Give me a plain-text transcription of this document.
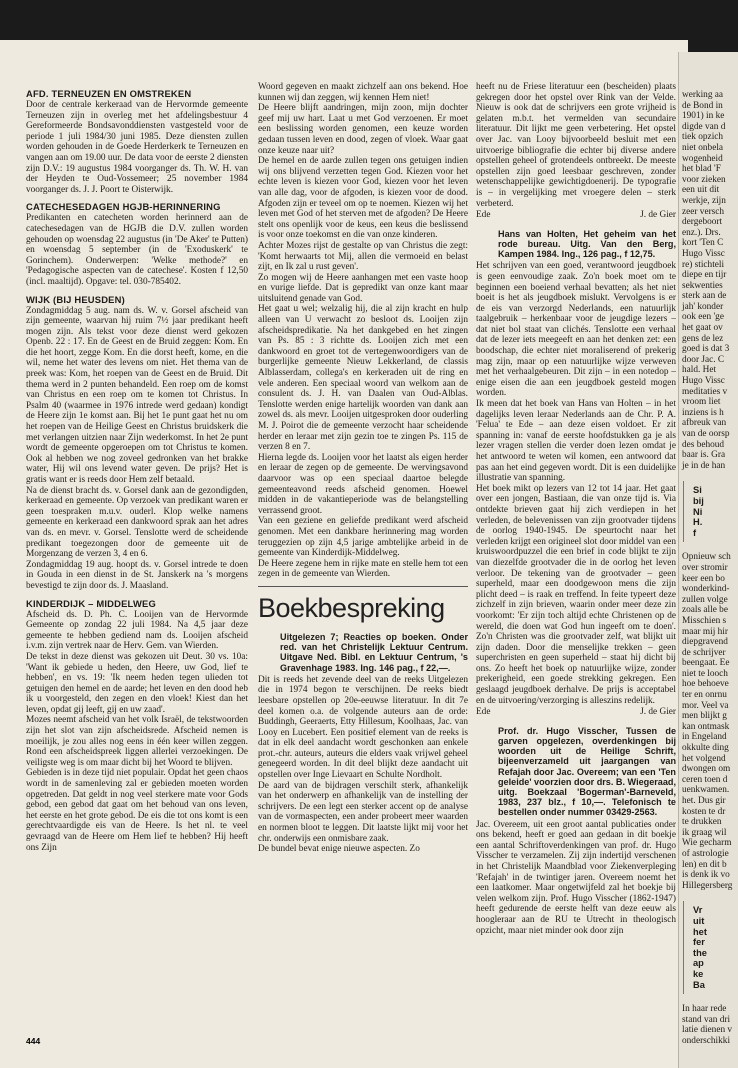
AFD. TERNEUZEN EN OMSTREKEN

Door de centrale kerkeraad van de Hervormde gemeente Terneuzen zijn in overleg met het afdelingsbestuur 4 Gereformeerde Bondsavonddiensten vastgesteld voor de periode 1 juli 1984/30 juni 1985. Deze diensten zullen worden gehouden in de Goede Herderkerk te Terneuzen en vangen aan om 19.00 uur. De data voor de eerste 2 diensten zijn D.V.: 19 augustus 1984 voorganger ds. Th. W. H. van der Heyden te Oud-Vossemeer; 25 november 1984 voorganger ds. J. J. Poort te Oisterwijk.

CATECHESEDAGEN HGJB-HERINNERING

Predikanten en catecheten worden herinnerd aan de catechesedagen van de HGJB die D.V. zullen worden gehouden op woensdag 22 augustus (in 'De Aker' te Putten) en woensdag 5 september (in de 'Exoduskerk' te Gorinchem). Onderwerpen: 'Welke methode?' en 'Pedagogische aspecten van de catechese'. Kosten f 12,50 (incl. maaltijd). Opgave: tel. 030-785402.

WIJK (BIJ HEUSDEN)

Zondagmiddag 5 aug. nam ds. W. v. Gorsel afscheid van zijn gemeente, waarvan hij ruim 7½ jaar predikant heeft mogen zijn. Als tekst voor deze dienst werd gekozen Openb. 22 : 17. En de Geest en de Bruid zeggen: Kom. En die het hoort, zegge Kom. En die dorst heeft, kome, en die wil, neme het water des levens om niet. Het thema van de preek was: Kom, het roepen van de Geest en de Bruid. Dit thema werd in 2 punten behandeld. Een roep om de komst van Christus en een roep om te komen tot Christus. In Psalm 40 (waarmee in 1976 intrede werd gedaan) kondigt de Heere zijn 1e komst aan. Bij het 1e punt gaat het nu om het roepen van de Heilige Geest en Christus bruidskerk die met verlangen uitzien naar Zijn wederkomst. In het 2e punt wordt de gemeente opgeroepen om tot Christus te komen. Ook al hebben we nog zoveel gedronken van het brakke water, Hij wil ons levend water geven. De prijs? Het is gratis want er is reeds door Hem zelf betaald.

Na de dienst bracht ds. v. Gorsel dank aan de gezondigden, kerkeraad en gemeente. Op verzoek van predikant waren er geen toespraken m.u.v. ouderl. Klop welke namens gemeente en kerkeraad een dankwoord sprak aan het adres van ds. en mevr. v. Gorsel. Tenslotte werd de scheidende predikant toegezongen door de gemeente uit de Morgenzang de verzen 3, 4 en 6.

Zondagmiddag 19 aug. hoopt ds. v. Gorsel intrede te doen in Gouda in een dienst in de St. Janskerk na 's morgens bevestigd te zijn door ds. J. Maasland.

KINDERDIJK – MIDDELWEG

Afscheid ds. D. Ph. C. Looijen van de Hervormde Gemeente op zondag 22 juli 1984. Na 4,5 jaar deze gemeente te hebben gediend nam ds. Looijen afscheid i.v.m. zijn vertrek naar de Herv. Gem. van Wierden.

De tekst in deze dienst was gekozen uit Deut. 30 vs. 10a: 'Want ik gebiede u heden, den Heere, uw God, lief te hebben', en vs. 19: 'Ik neem heden tegen ulieden tot getuigen den hemel en de aarde; het leven en den dood heb ik u voorgesteld, den zegen en den vloek! Kiest dan het leven, opdat gij leeft, gij en uw zaad'.

Mozes neemt afscheid van het volk Israël, de tekstwoorden zijn het slot van zijn afscheidsrede. Afscheid nemen is moeilijk, je zou alles nog eens in één keer willen zeggen. Rond een afscheidspreek liggen allerlei verzoekingen. De veiligste weg is om maar dicht bij het Woord te blijven.

Gebieden is in deze tijd niet populair. Opdat het geen chaos wordt in de samenleving zal er gebieden moeten worden opgetreden. Dat geldt in nog veel sterkere mate voor Gods gebod, een gebod dat gaat om het behoud van ons leven, het eerste en het grote gebod. De eis die tot ons komt is een gerechtvaardigde eis van de Heere. Is het nl. te veel gevraagd van de Heere om Hem lief te hebben? Hij heeft ons Zijn

Woord gegeven en maakt zichzelf aan ons bekend. Hoe kunnen wij dan zeggen, wij kennen Hem niet!

De Heere blijft aandringen, mijn zoon, mijn dochter geef mij uw hart. Laat u met God verzoenen. Er moet een beslissing worden genomen, een keuze worden gedaan tussen leven en dood, zegen of vloek. Waar gaat onze keuze naar uit?

De hemel en de aarde zullen tegen ons getuigen indien wij ons blijvend verzetten tegen God. Kiezen voor het echte leven is kiezen voor God, kiezen voor het leven van alle dag, voor de afgoden, is kiezen voor de dood. Afgoden zijn er teveel om op te noemen. Kiezen wij het leven met God of het sterven met de afgoden? De Heere stelt ons openlijk voor de keus, een keus die beslissend is voor onze toekomst en die van onze kinderen.

Achter Mozes rijst de gestalte op van Christus die zegt: 'Komt herwaarts tot Mij, allen die vermoeid en belast zijt, en Ik zal u rust geven'.

Zo mogen wij de Heere aanhangen met een vaste hoop en vurige liefde. Dat is gepredikt van onze kant maar uitsluitend genade van God.

Het gaat u wel; welzalig hij, die al zijn kracht en hulp alleen van U verwacht zo besloot ds. Looijen zijn afscheidspredikatie. Na het dankgebed en het zingen van Ps. 85 : 3 richtte ds. Looijen zich met een dankwoord en groet tot de vertegenwoordigers van de burgerlijke gemeente Nieuw Lekkerland, de classis Alblasserdam, collega's en kerkeraden uit de ring en vele anderen. Een speciaal woord van welkom aan de consulent ds. J. H. van Daalen van Oud-Alblas. Tenslotte werden enige hartelijk woorden van dank aan zowel ds. als mevr. Looijen uitgesproken door ouderling M. J. Poirot die de gemeente verzocht haar scheidende herder en leraar met zijn gezin toe te zingen Ps. 115 de verzen 8 en 7.

Hierna legde ds. Looijen voor het laatst als eigen herder en leraar de zegen op de gemeente. De wervingsavond daarvoor was op een speciaal daartoe belegde gemeenteavond reeds afscheid genomen. Hoewel midden in de vakantieperiode was de belangstelling verrassend groot.

Van een geziene en geliefde predikant werd afscheid genomen. Met een dankbare herinnering mag worden teruggezien op zijn 4,5 jarige ambtelijke arbeid in de gemeente van Kinderdijk-Middelweg.

De Heere zegene hem in rijke mate en stelle hem tot een zegen in de gemeente van Wierden.

Boekbespreking

Uitgelezen 7; Reacties op boeken. Onder red. van het Christelijk Lektuur Centrum. Uitgave Ned. Bibl. en Lektuur Centrum, 's Gravenhage 1983. Ing. 146 pag., f 22,—.

Dit is reeds het zevende deel van de reeks Uitgelezen die in 1974 begon te verschijnen. De reeks biedt leesbare opstellen op 20e-eeuwse literatuur. In dit 7e deel komen o.a. de volgende auteurs aan de orde: Buddingh, Geeraerts, Etty Hillesum, Koolhaas, Jac. van Looy en Lucebert. Een positief element van de reeks is dat in elk deel aandacht wordt geschonken aan enkele prot.-chr. auteurs, auteurs die elders vaak vrijwel geheel genegeerd worden. In dit deel blijkt deze aandacht uit opstellen over Inge Lievaart en Schulte Nordholt.

De aard van de bijdragen verschilt sterk, afhankelijk van het onderwerp en afhankelijk van de instelling der schrijvers. De een legt een sterker accent op de analyse van de vormaspecten, een ander probeert meer waarden en normen bloot te leggen. Dit laatste lijkt mij voor het chr. onderwijs een onmisbare zaak.

De bundel bevat enige nieuwe aspecten. Zo

heeft nu de Friese literatuur een (bescheiden) plaats gekregen door het opstel over Rink van der Velde. Nieuw is ook dat de schrijvers een grote vrijheid is gelaten m.b.t. het vermelden van secundaire literatuur. Dit lijkt me geen verbetering. Het opstel over Jac. van Looy bijvoorbeeld besluit met een uitvoerige bibliografie die echter bij diverse andere opstellen geheel of grotendeels ontbreekt. De meeste opstellen zijn goed leesbaar geschreven, zonder wetenschappelijke gewichtigdoenerij. De typografie is – in vergelijking met vroegere delen – sterk verbeterd.

Ede	J. de Gier

Hans van Holten, Het geheim van het rode bureau. Uitg. Van den Berg, Kampen 1984. Ing., 126 pag., f 12,75.

Het schrijven van een goed, verantwoord jeugdboek is geen eenvoudige zaak. Zo'n boek moet om te beginnen een boeiend verhaal bevatten; als het niet boeit is het als jeugdboek mislukt. Vervolgens is er de eis van verzorgd Nederlands, een natuurlijk taalgebruik – herkenbaar voor de jeugdige lezers – dat niet bol staat van clichés. Tenslotte een verhaal dat de lezer iets meegeeft en aan het denken zet: een boodschap, die echter niet moraliserend of prekerig mag zijn, maar op een natuurlijke wijze verweven met het verhaalgebeuren. Dit zijn – in een notedop – enige eisen die aan een jeugdboek gesteld mogen worden.

Ik meen dat het boek van Hans van Holten – in het dagelijks leven leraar Nederlands aan de Chr. P. A. 'Felua' te Ede – aan deze eisen voldoet. Er zit spanning in: vanaf de eerste hoofdstukken ga je als lezer vragen stellen die verder doen lezen omdat je het antwoord te weten wil komen, een antwoord dat pas aan het eind gegeven wordt. Dit is een duidelijke illustratie van spanning.

Het boek mikt op lezers van 12 tot 14 jaar. Het gaat over een jongen, Bastiaan, die van onze tijd is. Via ontdekte brieven gaat hij zich verdiepen in het verleden, de belevenissen van zijn grootvader tijdens de oorlog 1940-1945. De speurtocht naar het verleden krijgt een origineel slot door middel van een kruiswoordpuzzel die een brief in code blijkt te zijn van diezelfde grootvader die in de oorlog het leven verloor. De tekening van de grootvader – geen superheld, maar een doodgewoon mens die zijn plicht deed – is raak en treffend. In feite typeert deze zichzelf in zijn brieven, waarin onder meer deze zin voorkomt: 'Er zijn toch altijd echte Christenen op de wereld, die doen wat God hun ingeeft om te doen'. Zo'n Christen was die grootvader zelf, wat blijkt uit zijn daden. Door die menselijke trekken – geen superchristen en geen superheld – staat hij dicht bij ons. Zo heeft het boek op natuurlijke wijze, zonder prekerigheid, een goede strekking gekregen. Een geslaagd jeugdboek derhalve. De prijs is acceptabel en de uitvoering/verzorging is alleszins redelijk.

Ede	J. de Gier

Prof. dr. Hugo Visscher, Tussen de garven opgelezen, overdenkingen bij woorden uit de Heilige Schrift, bijeenverzameld uit jaargangen van Refajah door Jac. Overeem; van een 'Ten geleide' voorzien door drs. B. Wiegeraad, uitg. Boekzaal 'Bogerman'-Barneveld, 1983, 237 blz., f 10,—. Telefonisch te bestellen onder nummer 03429-2563.

Jac. Overeem, uit een groot aantal publicaties onder ons bekend, heeft er goed aan gedaan in dit boekje een aantal Schriftoverdenkingen van prof. dr. Hugo Visscher te verzamelen. Zij zijn indertijd verschenen in het Christelijk Maandblad voor Ziekenverpleging 'Refajah' in de twintiger jaren. Overeem noemt het een laatkomer. Maar ongetwijfeld zal het boekje bij velen welkom zijn. Prof. Hugo Visscher (1862-1947) heeft gedurende de eerste helft van deze eeuw als hoogleraar aan de RU te Utrecht in theologisch opzicht, maar niet minder ook door zijn

444

werking aa

de Bond in

1901) in ke

digde van d

tiek opzich

niet onbela

wogenheid

het blad 'F

voor zieken

een uit dit

werkje, zijn

zeer versch

dergeboort

enz.). Drs.

kort 'Ten C

Hugo Vissc

re) stichteli

diepe en tijr

sekwenties

sterk aan de

jah' konder

ook een 'ge

het gaat ov

gens de lez

goed is dat 3

door Jac. C

hald. Het

Hugo Vissc

meditaties v

vroom liet

inziens is h

afbreuk van

van de oorsp

des behoud

baar is. Gra

je in de han

Si

bij

Ni

H.

f

Opnieuw sch

over stromir

keer een bo

wonderkind-

zullen volge

zoals alle be

Misschien s

maar mij hir

diepgravend

de schrijver

beengaat. Ee

niet te looch

hoe behoeve

ter en onrnu

mor. Veel va

men blijkt g

kan ontmask

in Engeland

okkulte ding

het volgend

dwongen om

ceren toen d

uenkwamen.

het. Dus gir

kosten te dr

te drukken

ik graag wil

Wie gecharm

of astrologie

len) en dit b

is denk ik vo

Hillegersberg

Vr

uit

het

fer

the

ap

ke

Ba

In haar rede

stand van dri

latie dienen v

onderschikki
